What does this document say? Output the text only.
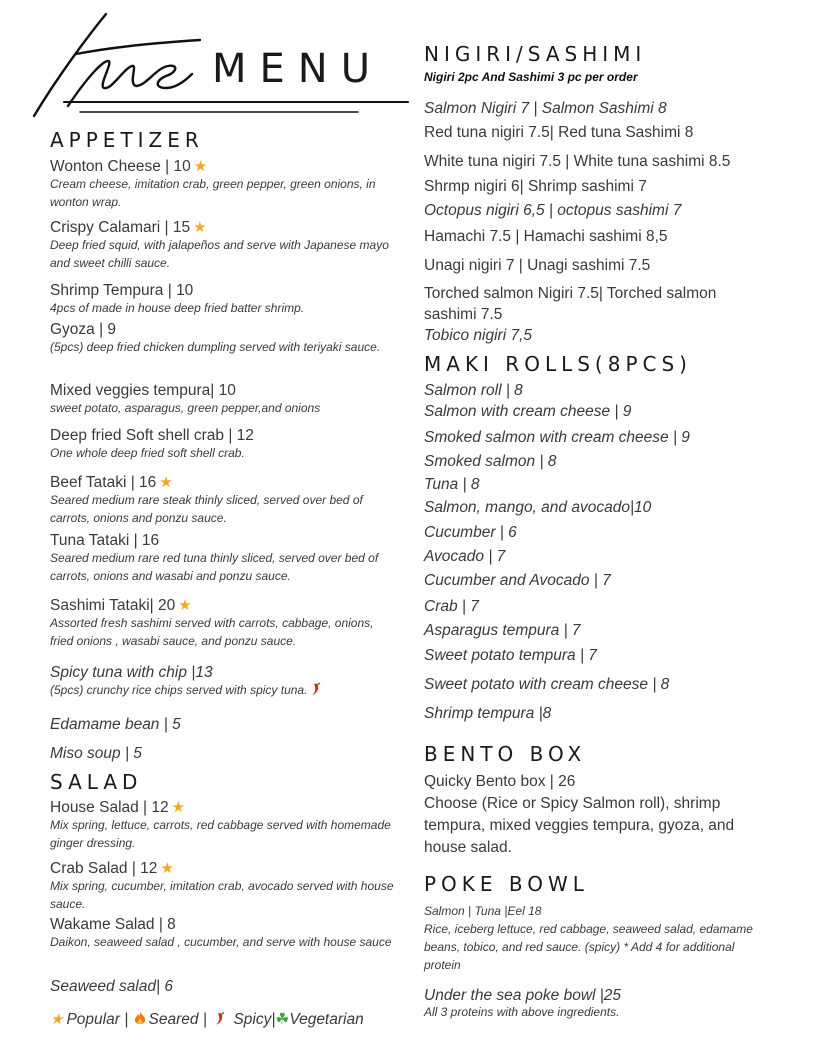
MENU
APPETIZER
Wonton Cheese | 10 ★
Cream cheese, imitation crab, green pepper, green onions, in wonton wrap.
Crispy Calamari | 15 ★
Deep fried squid, with jalapeños and serve with Japanese mayo and sweet chilli sauce.
Shrimp Tempura | 10
4pcs of made in house deep fried batter shrimp.
Gyoza | 9
(5pcs) deep fried chicken dumpling served with teriyaki sauce.
Mixed veggies tempura| 10
sweet potato, asparagus, green pepper,and onions
Deep fried Soft shell crab | 12
One whole deep fried soft shell crab.
Beef Tataki | 16 ★
Seared medium rare steak thinly sliced, served over bed of carrots, onions and ponzu sauce.
Tuna Tataki | 16
Seared medium rare red tuna thinly sliced, served over bed of carrots, onions and wasabi and ponzu sauce.
Sashimi Tataki| 20 ★
Assorted fresh sashimi served with carrots, cabbage, onions, fried onions , wasabi sauce, and ponzu sauce.
Spicy tuna with chip |13
(5pcs) crunchy rice chips served with spicy tuna.
Edamame bean | 5
Miso soup | 5
SALAD
House Salad | 12 ★
Mix spring, lettuce, carrots, red cabbage served with homemade ginger dressing.
Crab Salad | 12 ★
Mix spring, cucumber, imitation crab, avocado served with house sauce.
Wakame Salad | 8
Daikon, seaweed salad , cucumber, and serve with house sauce
Seaweed salad| 6
★ Popular | Seared |  Spicy|☘Vegetarian
NIGIRI/SASHIMI
Nigiri 2pc And Sashimi 3 pc per order
Salmon Nigiri 7 | Salmon Sashimi 8
Red tuna nigiri 7.5| Red tuna Sashimi 8
White tuna nigiri 7.5 | White tuna sashimi 8.5
Shrmp nigiri 6| Shrimp sashimi 7
Octopus nigiri 6,5 | octopus sashimi 7
Hamachi 7.5 | Hamachi sashimi 8,5
Unagi nigiri 7 | Unagi sashimi 7.5
Torched salmon Nigiri 7.5| Torched salmon sashimi 7.5
Tobico nigiri 7,5
MAKI ROLLS(8PCS)
Salmon roll | 8
Salmon with cream cheese | 9
Smoked salmon with cream cheese | 9
Smoked salmon | 8
Tuna | 8
Salmon, mango, and avocado|10
Cucumber | 6
Avocado | 7
Cucumber and Avocado | 7
Crab | 7
Asparagus tempura | 7
Sweet potato tempura | 7
Sweet potato with cream cheese | 8
Shrimp tempura |8
BENTO BOX
Quicky Bento box | 26
Choose (Rice or Spicy Salmon roll), shrimp tempura, mixed veggies tempura, gyoza, and house salad.
POKE BOWL
Salmon | Tuna |Eel 18
Rice, iceberg lettuce, red cabbage, seaweed salad, edamame beans, tobico, and red sauce. (spicy) * Add 4 for additional protein
Under the sea poke bowl |25
All 3 proteins with above ingredients.
